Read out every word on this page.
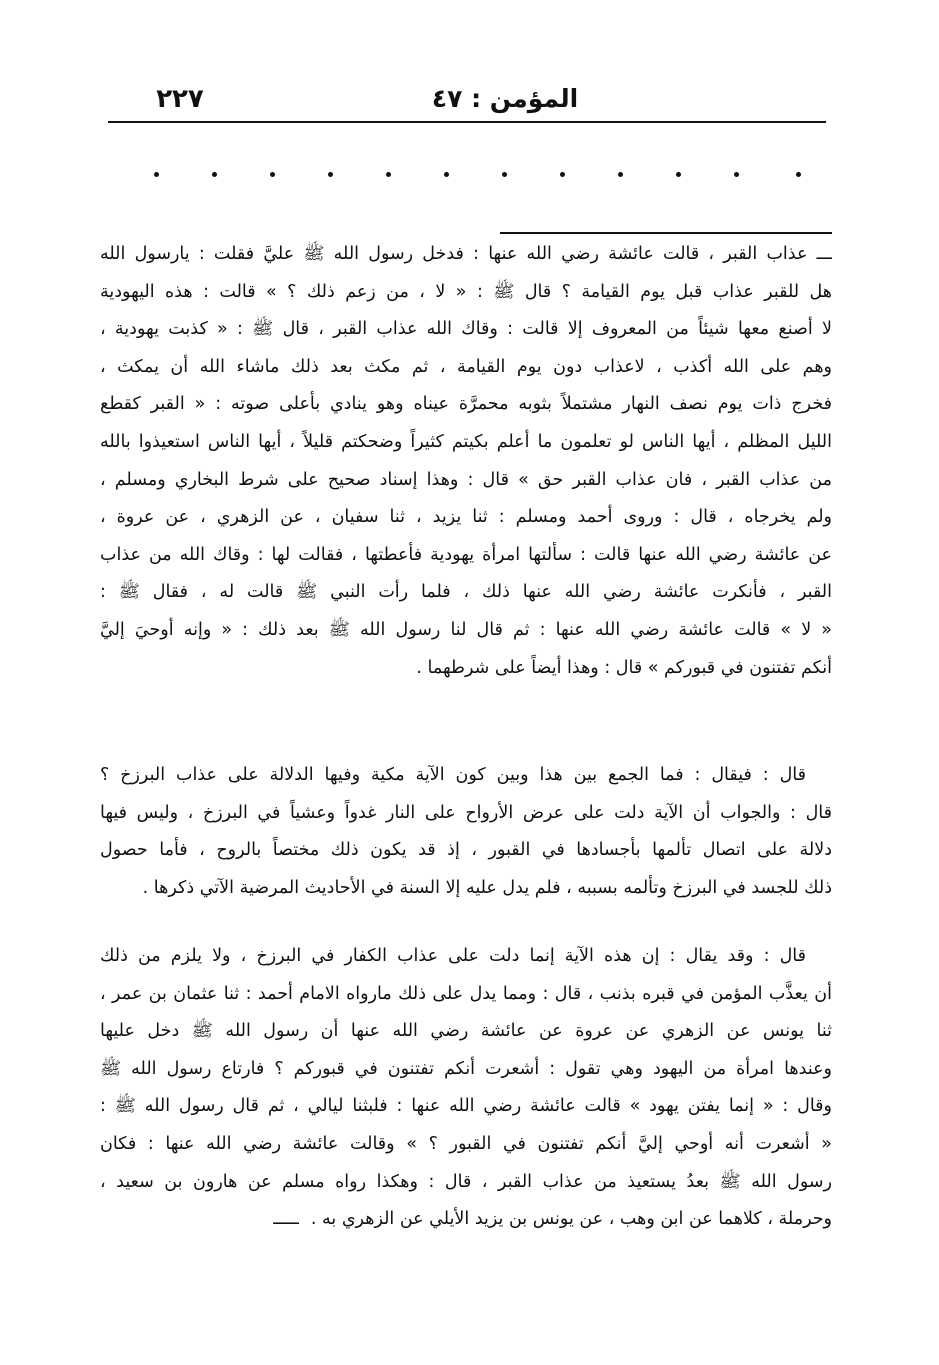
٢٢٧	المؤمن : ٤٧
ـــ عذاب القبر ، قالت عائشة رضي الله عنها : فدخل رسول الله ﷺ عليَّ فقلت : يارسول الله
هل للقبر عذاب قبل يوم القيامة ؟ قال ﷺ : « لا ، من زعم ذلك ؟ » قالت : هذه اليهودية
لا أصنع معها شيئاً من المعروف إلا قالت : وقاك الله عذاب القبر ، قال ﷺ : « كذبت يهودية ،
وهم على الله أكذب ، لاعذاب دون يوم القيامة ، ثم مكث بعد ذلك ماشاء الله أن يمكث ،
فخرج ذات يوم نصف النهار مشتملاً بثوبه محمرَّة عيناه وهو ينادي بأعلى صوته : « القبر كقطع
الليل المظلم ، أيها الناس لو تعلمون ما أعلم بكيتم كثيراً وضحكتم قليلاً ، أيها الناس استعيذوا بالله
من عذاب القبر ، فان عذاب القبر حق » قال : وهذا إسناد صحيح على شرط البخاري ومسلم ،
ولم يخرجاه ، قال : وروى أحمد ومسلم : ثنا يزيد ، ثنا سفيان ، عن الزهري ، عن عروة ،
عن عائشة رضي الله عنها قالت : سألتها امرأة يهودية فأعطتها ، فقالت لها : وقاك الله من عذاب
القبر ، فأنكرت عائشة رضي الله عنها ذلك ، فلما رأت النبي ﷺ قالت له ، فقال ﷺ :
« لا » قالت عائشة رضي الله عنها : ثم قال لنا رسول الله ﷺ بعد ذلك : « وإنه أوحيَ إليَّ
أنكم تفتنون في قبوركم » قال : وهذا أيضاً على شرطهما .
قال : فيقال : فما الجمع بين هذا وبين كون الآية مكية وفيها الدلالة على عذاب البرزخ ؟
قال : والجواب أن الآية دلت على عرض الأرواح على النار غدواً وعشياً في البرزخ ، وليس فيها
دلالة على اتصال تألمها بأجسادها في القبور ، إذ قد يكون ذلك مختصاً بالروح ، فأما حصول
ذلك للجسد في البرزخ وتألمه بسببه ، فلم يدل عليه إلا السنة في الأحاديث المرضية الآتي ذكرها .
قال : وقد يقال : إن هذه الآية إنما دلت على عذاب الكفار في البرزخ ، ولا يلزم من ذلك
أن يعذَّب المؤمن في قبره بذنب ، قال : ومما يدل على ذلك مارواه الامام أحمد : ثنا عثمان بن عمر ،
ثنا يونس عن الزهري عن عروة عن عائشة رضي الله عنها أن رسول الله ﷺ دخل عليها
وعندها امرأة من اليهود وهي تقول : أشعرت أنكم تفتنون في قبوركم ؟ فارتاع رسول الله ﷺ
وقال : « إنما يفتن يهود » قالت عائشة رضي الله عنها : فلبثنا ليالي ، ثم قال رسول الله ﷺ :
« أشعرت أنه أوحي إليَّ أنكم تفتنون في القبور ؟ » وقالت عائشة رضي الله عنها : فكان
رسول الله ﷺ بعدُ يستعيذ من عذاب القبر ، قال : وهكذا رواه مسلم عن هارون بن سعيد ،
وحرملة ، كلاهما عن ابن وهب ، عن يونس بن يزيد الأيلي عن الزهري به .ـــــ
